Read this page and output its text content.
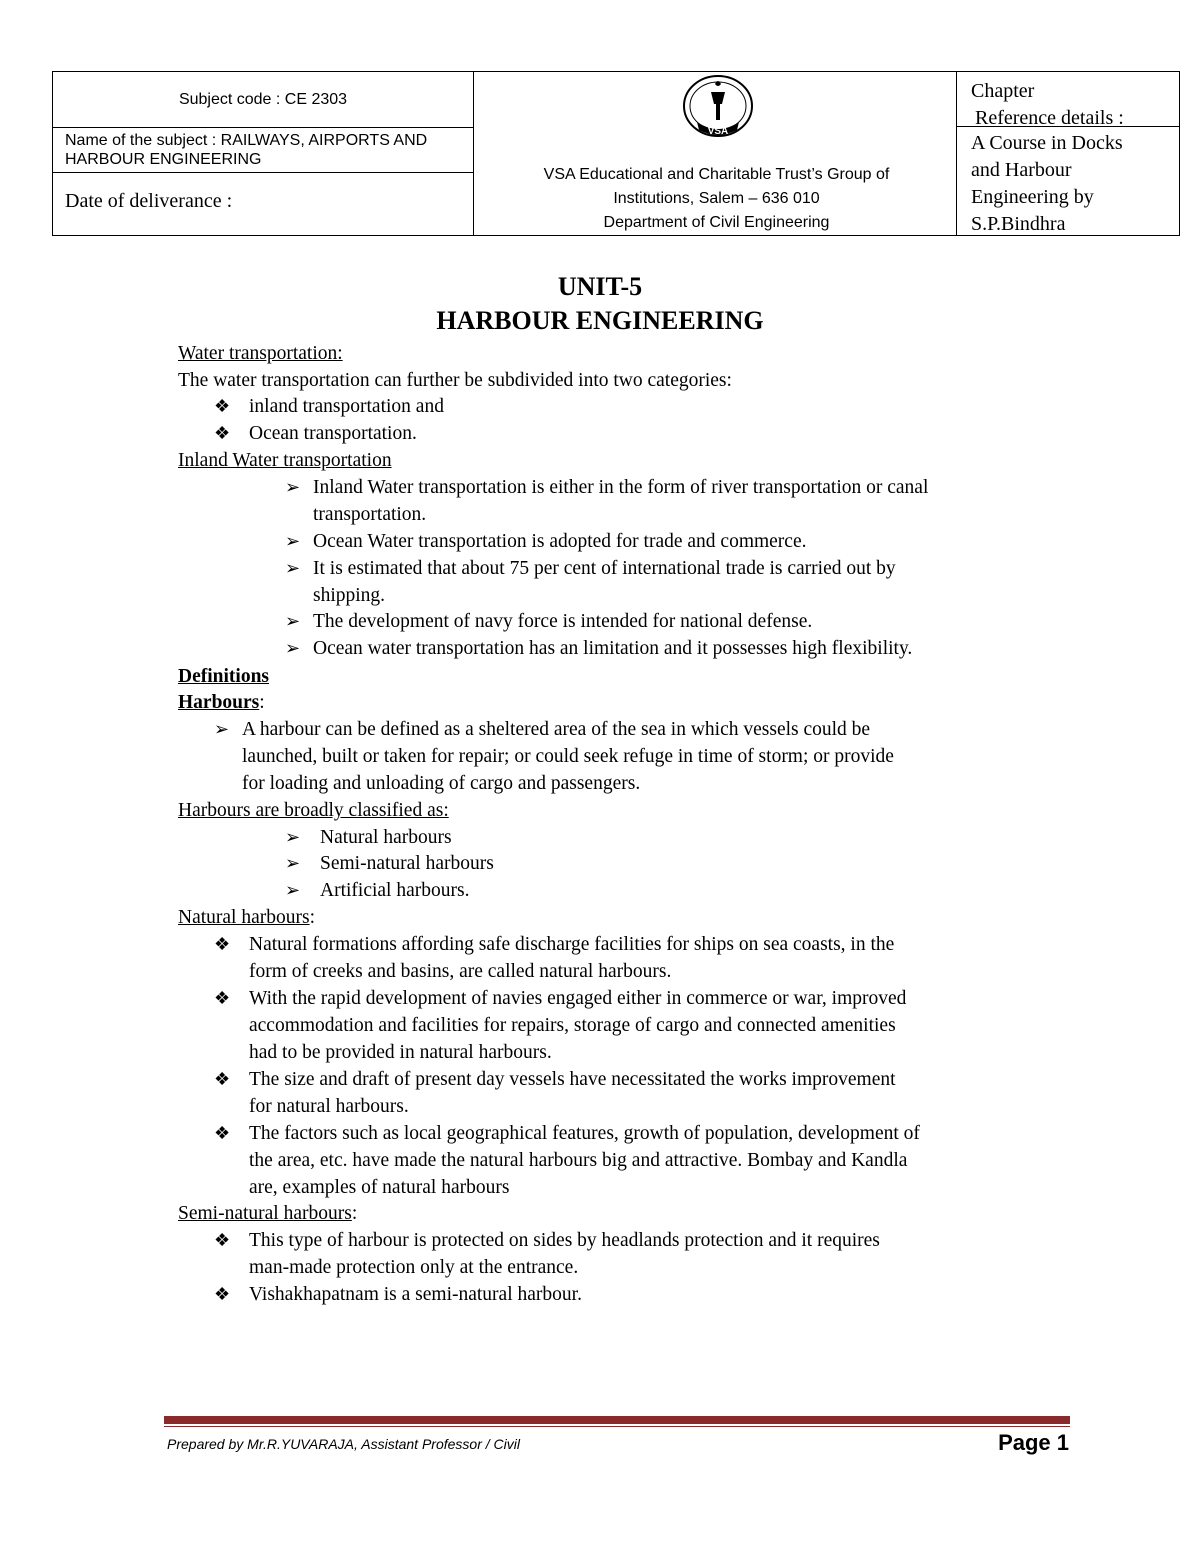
Subject code : CE 2303
Name of the subject : RAILWAYS, AIRPORTS AND HARBOUR ENGINEERING
Date of deliverance :
VSA
VSA Educational and Charitable Trust’s Group of
Institutions, Salem – 636 010
Department of Civil Engineering
Chapter
Reference details :
A Course in Docks
and Harbour
Engineering by
S.P.Bindhra
UNIT-5
HARBOUR ENGINEERING
Water transportation:
The water transportation can further be subdivided into two categories:
❖ inland transportation and
❖ Ocean transportation.
Inland Water transportation
➢ Inland Water transportation is either in the form of river transportation or canal
transportation.
➢ Ocean Water transportation is adopted for trade and commerce.
➢ It is estimated that about 75 per cent of international trade is carried out by
shipping.
➢ The development of navy force is intended for national defense.
➢ Ocean water transportation has an limitation and it possesses high flexibility.
Definitions
Harbours:
➢ A harbour can be defined as a sheltered area of the sea in which vessels could be
launched, built or taken for repair; or could seek refuge in time of storm; or provide
for loading and unloading of cargo and passengers.
Harbours are broadly classified as:
➢ Natural harbours
➢ Semi-natural harbours
➢ Artificial harbours.
Natural harbours:
❖ Natural formations affording safe discharge facilities for ships on sea coasts, in the
form of creeks and basins, are called natural harbours.
❖ With the rapid development of navies engaged either in commerce or war, improved
accommodation and facilities for repairs, storage of cargo and connected amenities
had to be provided in natural harbours.
❖ The size and draft of present day vessels have necessitated the works improvement
for natural harbours.
❖ The factors such as local geographical features, growth of population, development of
the area, etc. have made the natural harbours big and attractive. Bombay and Kandla
are, examples of natural harbours
Semi-natural harbours:
❖ This type of harbour is protected on sides by headlands protection and it requires
man-made protection only at the entrance.
❖ Vishakhapatnam is a semi-natural harbour.
Prepared by Mr.R.YUVARAJA, Assistant Professor / Civil	Page 1
